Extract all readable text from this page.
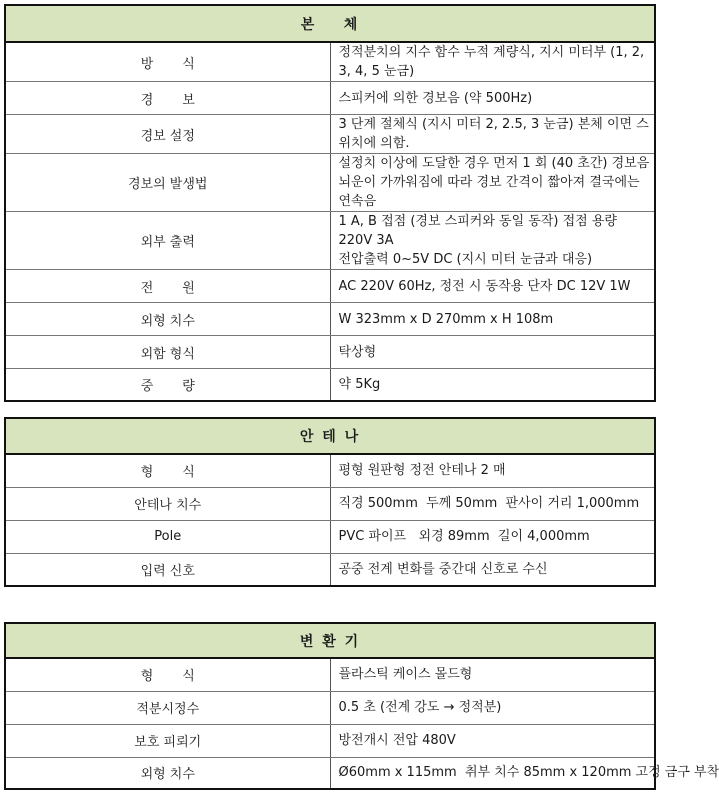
본    체	
방       식	정적분치의 지수 함수 누적 계량식, 지시 미터부 (1, 2, 3, 4, 5 눈금)

경       보	스피커에 의한 경보음 (약 500Hz)

경보 설정	3 단계 절체식 (지시 미터 2, 2.5, 3 눈금) 본체 이면 스위치에 의함.

경보의 발생법	설정치 이상에 도달한 경우 먼저 1 회 (40 초간) 경보음
뇌운이 가까워짐에 따라 경보 간격이 짧아져 결국에는 연속음

외부 출력	1 A, B 접점 (경보 스피커와 동일 동작) 접점 용량 220V 3A
전압출력 0~5V DC (지시 미터 눈금과 대응)

전       원	AC 220V 60Hz, 정전 시 동작용 단자 DC 12V 1W

외형 치수	W 323mm x D 270mm x H 108m

외함 형식	탁상형

중       량	약 5Kg
안 테 나	
형       식	평형 원판형 정전 안테나 2 매

안테나 치수	직경 500mm  두께 50mm  판사이 거리 1,000mm

Pole	PVC 파이프   외경 89mm  길이 4,000mm

입력 신호	공중 전계 변화를 중간대 신호로 수신
변 환 기	
형       식	플라스틱 케이스 몰드형

적분시정수	0.5 초 (전계 강도 → 정적분)

보호 피뢰기	방전개시 전압 480V

외형 치수	Ø60mm x 115mm  취부 치수 85mm x 120mm 고정 금구 부착
